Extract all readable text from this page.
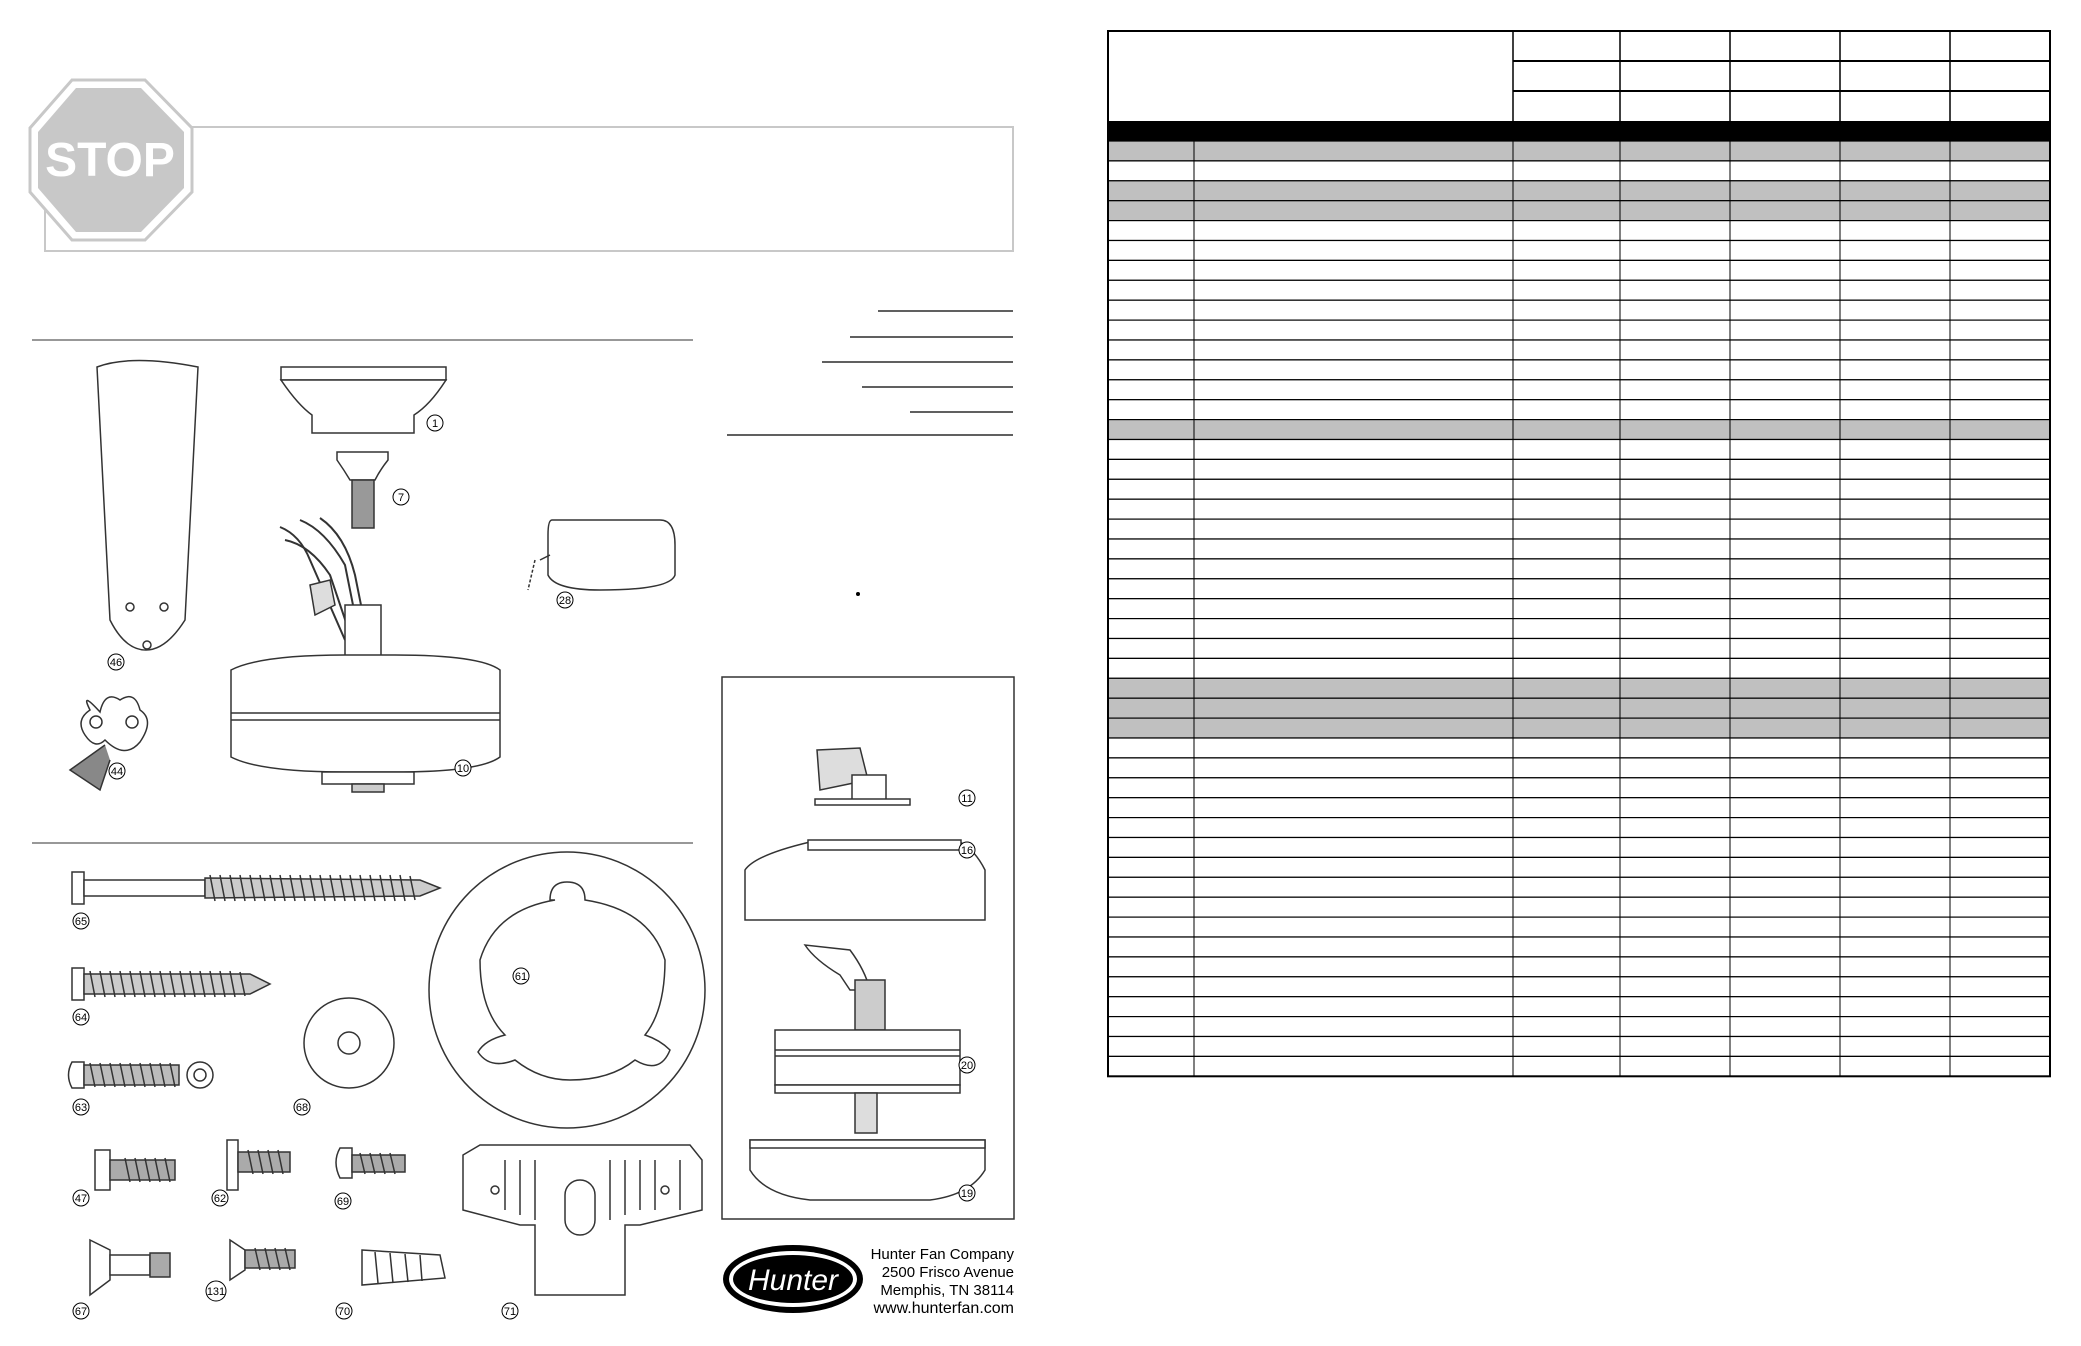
STOP
1
7
28
46
10
44
65
61
64
68
63
47	62	69
71
67
131
70
11
16
20
19
Hunter
Hunter Fan Company
2500 Frisco Avenue
Memphis, TN 38114
www.hunterfan.com
